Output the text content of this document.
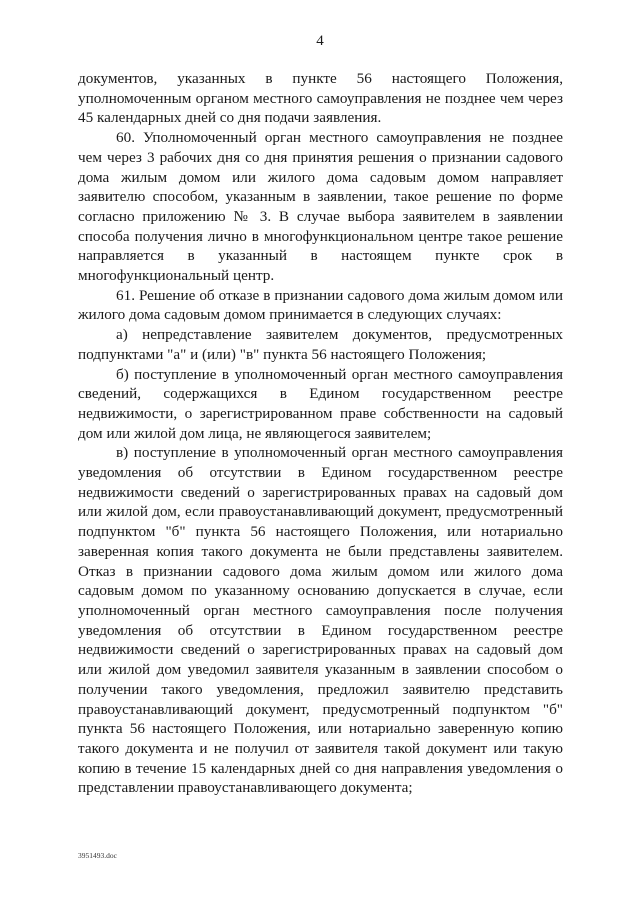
4

документов, указанных в пункте 56 настоящего Положения, уполномоченным органом местного самоуправления не позднее чем через 45 календарных дней со дня подачи заявления.

60. Уполномоченный орган местного самоуправления не позднее чем через 3 рабочих дня со дня принятия решения о признании садового дома жилым домом или жилого дома садовым домом направляет заявителю способом, указанным в заявлении, такое решение по форме согласно приложению № 3. В случае выбора заявителем в заявлении способа получения лично в многофункциональном центре такое решение направляется в указанный в настоящем пункте срок в многофункциональный центр.

61. Решение об отказе в признании садового дома жилым домом или жилого дома садовым домом принимается в следующих случаях:

а) непредставление заявителем документов, предусмотренных подпунктами "а" и (или) "в" пункта 56 настоящего Положения;

б) поступление в уполномоченный орган местного самоуправления сведений, содержащихся в Едином государственном реестре недвижимости, о зарегистрированном праве собственности на садовый дом или жилой дом лица, не являющегося заявителем;

в) поступление в уполномоченный орган местного самоуправления уведомления об отсутствии в Едином государственном реестре недвижимости сведений о зарегистрированных правах на садовый дом или жилой дом, если правоустанавливающий документ, предусмотренный подпунктом "б" пункта 56 настоящего Положения, или нотариально заверенная копия такого документа не были представлены заявителем. Отказ в признании садового дома жилым домом или жилого дома садовым домом по указанному основанию допускается в случае, если уполномоченный орган местного самоуправления после получения уведомления об отсутствии в Едином государственном реестре недвижимости сведений о зарегистрированных правах на садовый дом или жилой дом уведомил заявителя указанным в заявлении способом о получении такого уведомления, предложил заявителю представить правоустанавливающий документ, предусмотренный подпунктом "б" пункта 56 настоящего Положения, или нотариально заверенную копию такого документа и не получил от заявителя такой документ или такую копию в течение 15 календарных дней со дня направления уведомления о представлении правоустанавливающего документа;

3951493.doc
